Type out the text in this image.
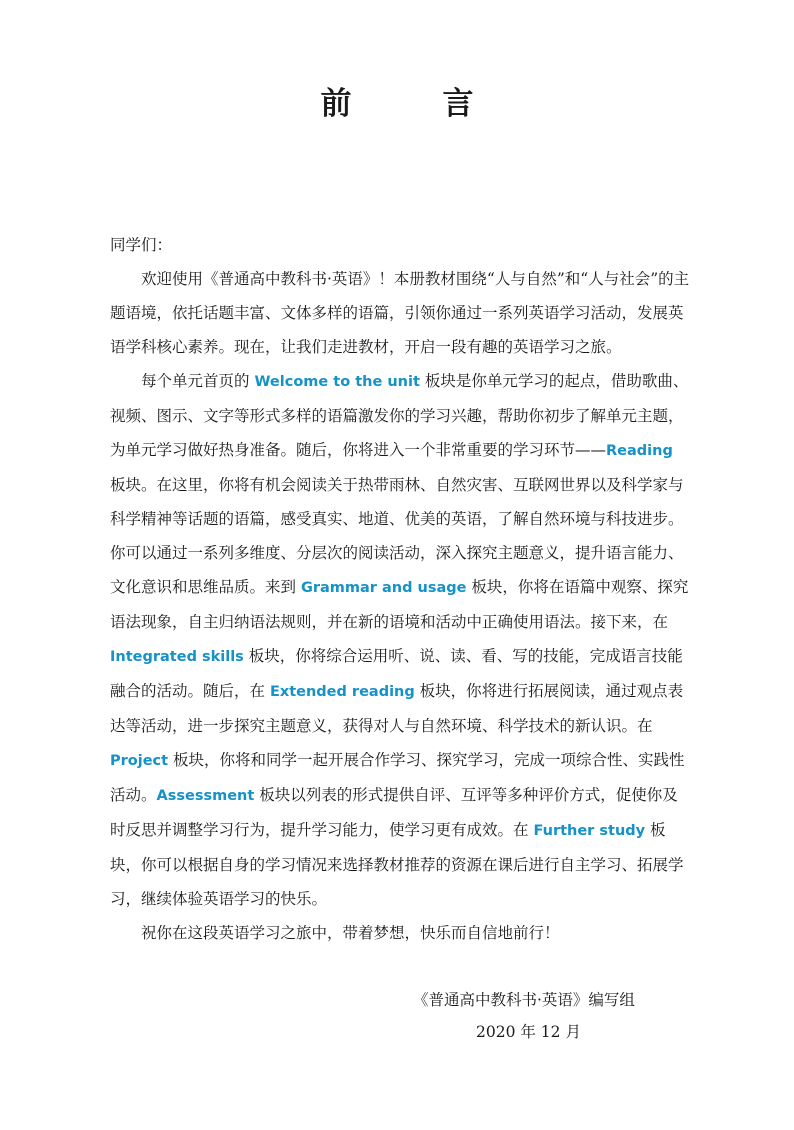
前　言
同学们：

欢迎使用《普通高中教科书·英语》！本册教材围绕“人与自然”和“人与社会”的主题语境，依托话题丰富、文体多样的语篇，引领你通过一系列英语学习活动，发展英语学科核心素养。现在，让我们走进教材，开启一段有趣的英语学习之旅。

每个单元首页的 Welcome to the unit 板块是你单元学习的起点，借助歌曲、视频、图示、文字等形式多样的语篇激发你的学习兴趣，帮助你初步了解单元主题，为单元学习做好热身准备。随后，你将进入一个非常重要的学习环节——Reading 板块。在这里，你将有机会阅读关于热带雨林、自然灾害、互联网世界以及科学家与科学精神等话题的语篇，感受真实、地道、优美的英语，了解自然环境与科技进步。你可以通过一系列多维度、分层次的阅读活动，深入探究主题意义，提升语言能力、文化意识和思维品质。来到 Grammar and usage 板块，你将在语篇中观察、探究语法现象，自主归纳语法规则，并在新的语境和活动中正确使用语法。接下来，在 Integrated skills 板块，你将综合运用听、说、读、看、写的技能，完成语言技能融合的活动。随后，在 Extended reading 板块，你将进行拓展阅读，通过观点表达等活动，进一步探究主题意义，获得对人与自然环境、科学技术的新认识。在 Project 板块，你将和同学一起开展合作学习、探究学习，完成一项综合性、实践性活动。Assessment 板块以列表的形式提供自评、互评等多种评价方式，促使你及时反思并调整学习行为，提升学习能力，使学习更有成效。在 Further study 板块，你可以根据自身的学习情况来选择教材推荐的资源在课后进行自主学习、拓展学习，继续体验英语学习的快乐。

祝你在这段英语学习之旅中，带着梦想，快乐而自信地前行！

《普通高中教科书·英语》编写组
2020 年 12 月
